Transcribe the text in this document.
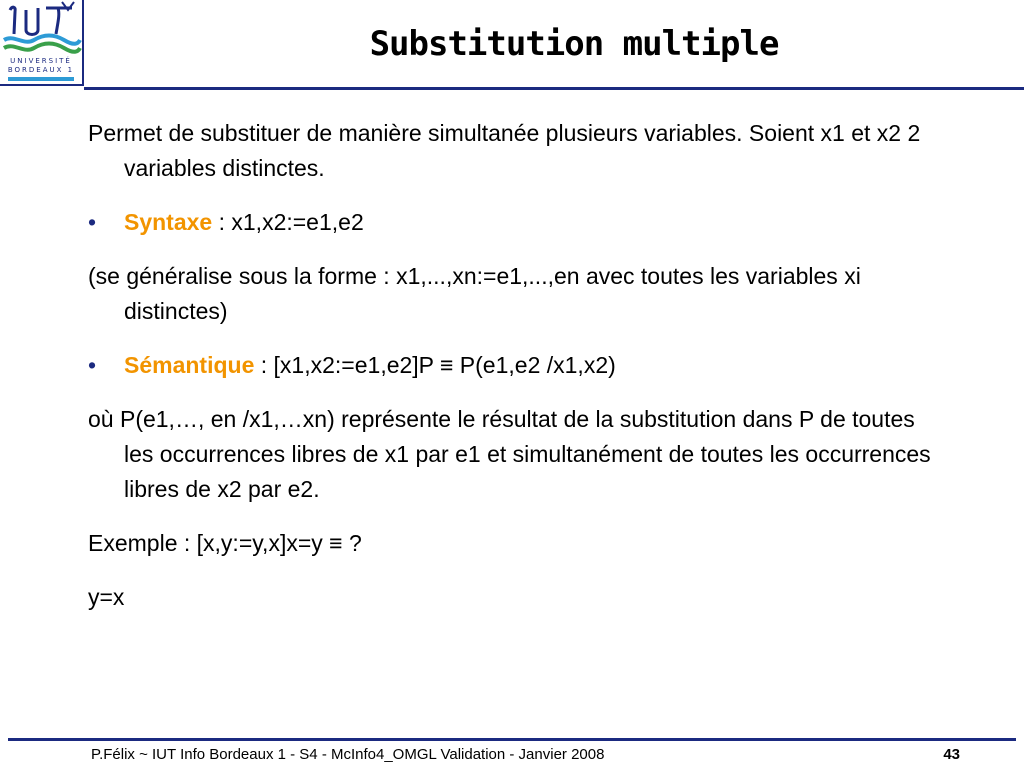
UNIVERSITÉ
BORDEAUX 1
Substitution multiple

Permet de substituer de manière simultanée plusieurs variables. Soient x1 et x2 2 variables distinctes.

• Syntaxe : x1,x2:=e1,e2

(se généralise sous la forme : x1,...,xn:=e1,...,en avec toutes les variables xi distinctes)

• Sémantique : [x1,x2:=e1,e2]P ≡ P(e1,e2 /x1,x2)

où P(e1,…, en /x1,…xn) représente le résultat de la substitution dans P de toutes les occurrences libres de x1 par e1 et simultanément de toutes les occurrences libres de x2 par e2.

Exemple : [x,y:=y,x]x=y ≡ ?

y=x

P.Félix ~ IUT Info Bordeaux 1 - S4 - McInfo4_OMGL Validation - Janvier 2008	43
